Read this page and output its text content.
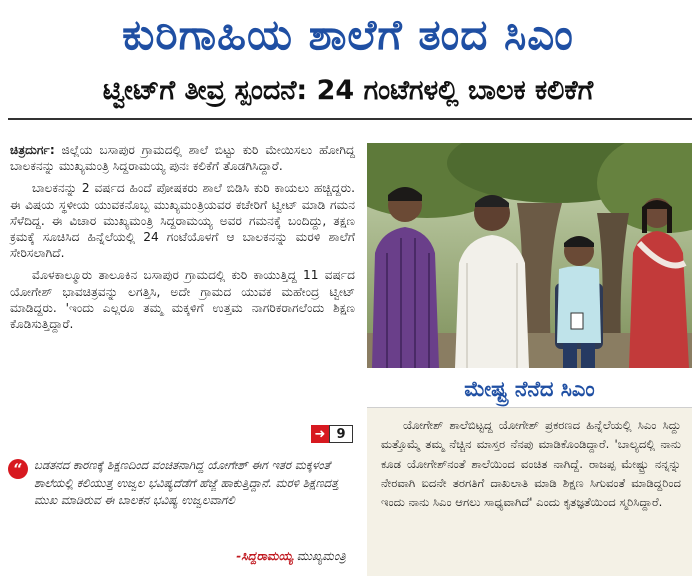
ಕುರಿಗಾಹಿಯ ಶಾಲೆಗೆ ತಂದ ಸಿಎಂ
ಟ್ವೀಟ್‌ಗೆ ತೀವ್ರ ಸ್ಪಂದನೆ: 24 ಗಂಟೆಗಳಲ್ಲಿ ಬಾಲಕ ಕಲಿಕೆಗೆ

ಚಿತ್ರದುರ್ಗ: ಜಿಲ್ಲೆಯ ಬಸಾಪುರ ಗ್ರಾಮದಲ್ಲಿ ಶಾಲೆ ಬಿಟ್ಟು ಕುರಿ ಮೇಯಿಸಲು ಹೋಗಿದ್ದ ಬಾಲಕನನ್ನು ಮುಖ್ಯಮಂತ್ರಿ ಸಿದ್ದರಾಮಯ್ಯ ಪುನಃ ಕಲಿಕೆಗೆ ತೊಡಗಿಸಿದ್ದಾರೆ.

ಬಾಲಕನನ್ನು 2 ವರ್ಷದ ಹಿಂದೆ ಪೋಷಕರು ಶಾಲೆ ಬಿಡಿಸಿ ಕುರಿ ಕಾಯಲು ಹಚ್ಚಿದ್ದರು. ಈ ವಿಷಯ ಸ್ಥಳೀಯ ಯುವಕನೊಬ್ಬ ಮುಖ್ಯಮಂತ್ರಿಯವರ ಕಚೇರಿಗೆ ಟ್ವೀಟ್ ಮಾಡಿ ಗಮನ ಸೆಳೆದಿದ್ದ. ಈ ವಿಚಾರ ಮುಖ್ಯಮಂತ್ರಿ ಸಿದ್ದರಾಮಯ್ಯ ಅವರ ಗಮನಕ್ಕೆ ಬಂದಿದ್ದು, ತಕ್ಷಣ ಕ್ರಮಕ್ಕೆ ಸೂಚಿಸಿದ ಹಿನ್ನೆಲೆಯಲ್ಲಿ 24 ಗಂಟೆಯೊಳಗೆ ಆ ಬಾಲಕನನ್ನು ಮರಳಿ ಶಾಲೆಗೆ ಸೇರಿಸಲಾಗಿದೆ.

ಮೊಳಕಾಲ್ಮೂರು ತಾಲೂಕಿನ ಬಸಾಪುರ ಗ್ರಾಮದಲ್ಲಿ ಕುರಿ ಕಾಯುತ್ತಿದ್ದ 11 ವರ್ಷದ ಯೋಗೇಶ್ ಭಾವಚಿತ್ರವನ್ನು ಲಗತ್ತಿಸಿ, ಅದೇ ಗ್ರಾಮದ ಯುವಕ ಮಹೇಂದ್ರ ಟ್ವೀಟ್ ಮಾಡಿದ್ದರು. 'ಇಂದು ಎಲ್ಲರೂ ತಮ್ಮ ಮಕ್ಕಳಿಗೆ ಉತ್ತಮ ನಾಗರಿಕರಾಗಲೆಂದು ಶಿಕ್ಷಣ ಕೊಡಿಸುತ್ತಿದ್ದಾರೆ.

➜ 9
“ ಬಡತನದ ಕಾರಣಕ್ಕೆ ಶಿಕ್ಷಣದಿಂದ ವಂಚಿತನಾಗಿದ್ದ ಯೋಗೇಶ್ ಈಗ ಇತರ ಮಕ್ಕಳಂತೆ ಶಾಲೆಯಲ್ಲಿ ಕಲಿಯುತ್ತ ಉಜ್ವಲ ಭವಿಷ್ಯದೆಡೆಗೆ ಹೆಜ್ಜೆ ಹಾಕುತ್ತಿದ್ದಾನೆ. ಮರಳಿ ಶಿಕ್ಷಣದತ್ತ ಮುಖ ಮಾಡಿರುವ ಈ ಬಾಲಕನ ಭವಿಷ್ಯ ಉಜ್ವಲವಾಗಲಿ
-ಸಿದ್ದರಾಮಯ್ಯ ಮುಖ್ಯಮಂತ್ರಿ
ಮೇಷ್ಟ್ರ ನೆನೆದ ಸಿಎಂ
ಯೋಗೇಶ್ ಶಾಲೆಬಿಟ್ಟದ್ದ ಯೋಗೇಶ್ ಪ್ರಕರಣದ ಹಿನ್ನೆಲೆಯಲ್ಲಿ ಸಿಎಂ ಸಿದ್ದು ಮತ್ತೊಮ್ಮೆ ತಮ್ಮ ನೆಚ್ಚಿನ ಮಾಸ್ತರ ನೆನಪು ಮಾಡಿಕೊಂಡಿದ್ದಾರೆ. 'ಬಾಲ್ಯದಲ್ಲಿ ನಾನು ಕೂಡ ಯೋಗೇಶ್‌ನಂತೆ ಶಾಲೆಯಿಂದ ವಂಚಿತ ನಾಗಿದ್ದೆ. ರಾಜಪ್ಪ ಮೇಷ್ಟ್ರು ನನ್ನನ್ನು ನೇರವಾಗಿ ಐದನೇ ತರಗತಿಗೆ ದಾಖಲಾತಿ ಮಾಡಿ ಶಿಕ್ಷಣ ಸಿಗುವಂತೆ ಮಾಡಿದ್ದರಿಂದ ಇಂದು ನಾನು ಸಿಎಂ ಆಗಲು ಸಾಧ್ಯವಾಗಿದೆ' ಎಂದು ಕೃತಜ್ಞತೆಯಿಂದ ಸ್ಮರಿಸಿದ್ದಾರೆ.
